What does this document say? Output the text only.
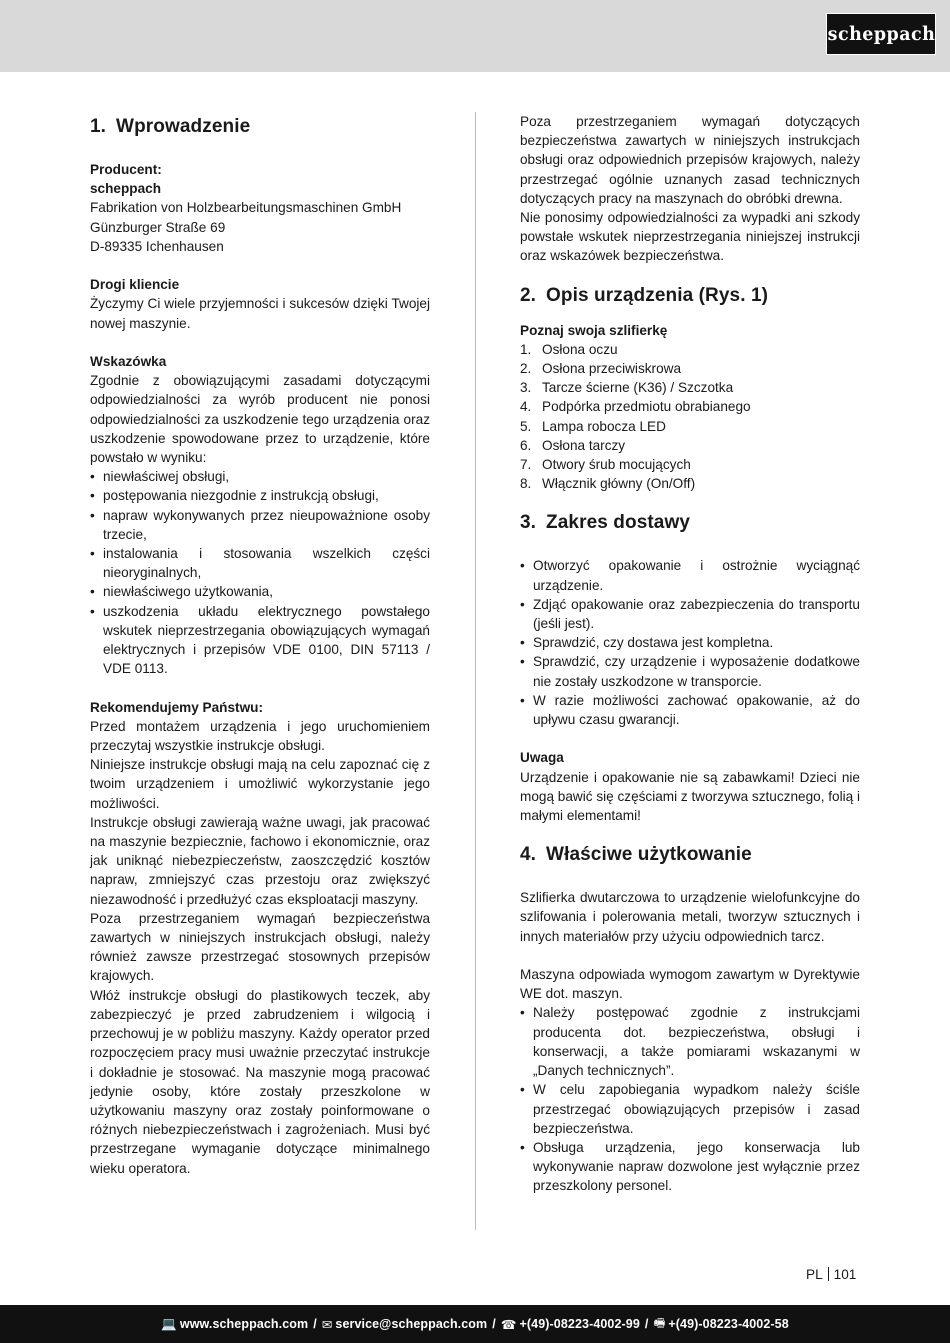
scheppach
1. Wprowadzenie
Producent:
scheppach
Fabrikation von Holzbearbeitungsmaschinen GmbH
Günzburger Straße 69
D-89335 Ichenhausen
Drogi kliencie
Życzymy Ci wiele przyjemności i sukcesów dzięki Twojej nowej maszynie.
Wskazówka
Zgodnie z obowiązującymi zasadami dotyczącymi odpowiedzialności za wyrób producent nie ponosi odpowiedzialności za uszkodzenie tego urządzenia oraz uszkodzenie spowodowane przez to urządzenie, które powstało w wyniku:
• niewłaściwej obsługi,
• postępowania niezgodnie z instrukcją obsługi,
• napraw wykonywanych przez nieupoważnione osoby trzecie,
• instalowania i stosowania wszelkich części nieoryginalnych,
• niewłaściwego użytkowania,
• uszkodzenia układu elektrycznego powstałego wskutek nieprzestrzegania obowiązujących wymagań elektrycznych i przepisów VDE 0100, DIN 57113 / VDE 0113.
Rekomendujemy Państwu:
Przed montażem urządzenia i jego uruchomieniem przeczytaj wszystkie instrukcje obsługi.
Niniejsze instrukcje obsługi mają na celu zapoznać cię z twoim urządzeniem i umożliwić wykorzystanie jego możliwości.
Instrukcje obsługi zawierają ważne uwagi, jak pracować na maszynie bezpiecznie, fachowo i ekonomicznie, oraz jak uniknąć niebezpieczeństw, zaoszczędzić kosztów napraw, zmniejszyć czas przestoju oraz zwiększyć niezawodność i przedłużyć czas eksploatacji maszyny.
Poza przestrzeganiem wymagań bezpieczeństwa zawartych w niniejszych instrukcjach obsługi, należy również zawsze przestrzegać stosownych przepisów krajowych.
Włóż instrukcje obsługi do plastikowych teczek, aby zabezpieczyć je przed zabrudzeniem i wilgocią i przechowuj je w pobliżu maszyny. Każdy operator przed rozpoczęciem pracy musi uważnie przeczytać instrukcje i dokładnie je stosować. Na maszynie mogą pracować jedynie osoby, które zostały przeszkolone w użytkowaniu maszyny oraz zostały poinformowane o różnych niebezpieczeństwach i zagrożeniach. Musi być przestrzegane wymaganie dotyczące minimalnego wieku operatora.
Poza przestrzeganiem wymagań dotyczących bezpieczeństwa zawartych w niniejszych instrukcjach obsługi oraz odpowiednich przepisów krajowych, należy przestrzegać ogólnie uznanych zasad technicznych dotyczących pracy na maszynach do obróbki drewna.
Nie ponosimy odpowiedzialności za wypadki ani szkody powstałe wskutek nieprzestrzegania niniejszej instrukcji oraz wskazówek bezpieczeństwa.
2. Opis urządzenia (Rys. 1)
Poznaj swoja szlifierkę
1. Osłona oczu
2. Osłona przeciwiskrowa
3. Tarcze ścierne (K36) / Szczotka
4. Podpórka przedmiotu obrabianego
5. Lampa robocza LED
6. Osłona tarczy
7. Otwory śrub mocujących
8. Włącznik główny (On/Off)
3. Zakres dostawy
• Otworzyć opakowanie i ostrożnie wyciągnąć urządzenie.
• Zdjąć opakowanie oraz zabezpieczenia do transportu (jeśli jest).
• Sprawdzić, czy dostawa jest kompletna.
• Sprawdzić, czy urządzenie i wyposażenie dodatkowe nie zostały uszkodzone w transporcie.
• W razie możliwości zachować opakowanie, aż do upływu czasu gwarancji.
Uwaga
Urządzenie i opakowanie nie są zabawkami! Dzieci nie mogą bawić się częściami z tworzywa sztucznego, folią i małymi elementami!
4. Właściwe użytkowanie
Szlifierka dwutarczowa to urządzenie wielofunkcyjne do szlifowania i polerowania metali, tworzyw sztucznych i innych materiałów przy użyciu odpowiednich tarcz.
Maszyna odpowiada wymogom zawartym w Dyrektywie WE dot. maszyn.
• Należy postępować zgodnie z instrukcjami producenta dot. bezpieczeństwa, obsługi i konserwacji, a także pomiarami wskazanymi w „Danych technicznych”.
• W celu zapobiegania wypadkom należy ściśle przestrzegać obowiązujących przepisów i zasad bezpieczeństwa.
• Obsługa urządzenia, jego konserwacja lub wykonywanie napraw dozwolone jest wyłącznie przez przeszkolony personel.
PL 101
💻 www.scheppach.com / ✉ service@scheppach.com / ☎ +(49)-08223-4002-99 / 🖷 +(49)-08223-4002-58
